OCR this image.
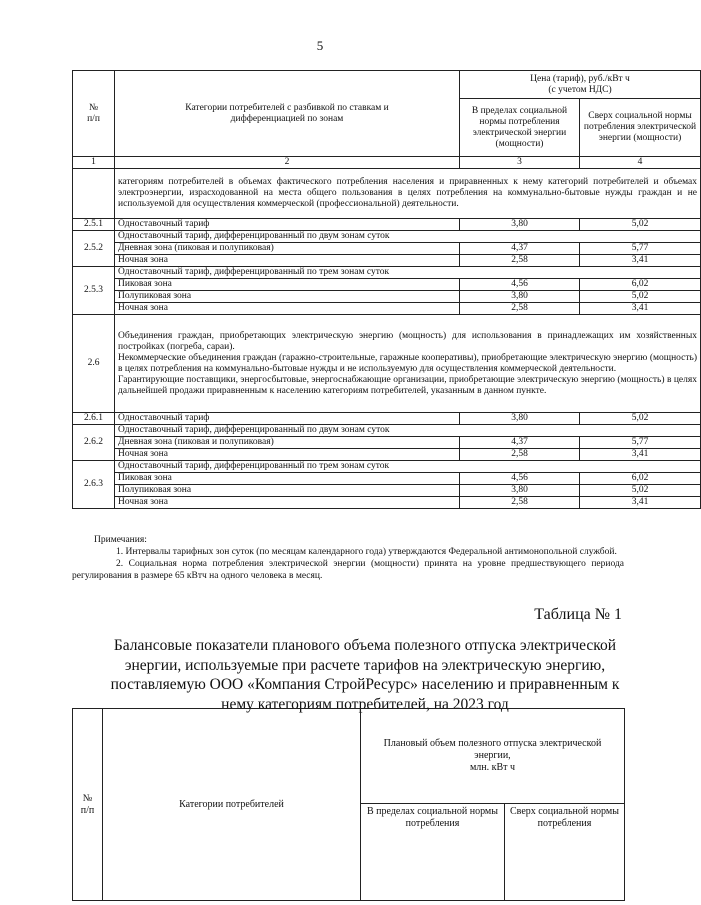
5
№
п/п	Категории потребителей с разбивкой по ставкам и дифференциацией по зонам	Цена (тариф), руб./кВт ч
(с учетом НДС)	
		В пределах социальной нормы потребления электрической энергии (мощности)	Сверх социальной нормы потребления электрической энергии (мощности)
1	2	3	4
	категориям потребителей в объемах фактического потребления населения и приравненных к нему категорий потребителей и объемах электроэнергии, израсходованной на места общего пользования в целях потребления на коммунально-бытовые нужды граждан и не используемой для осуществления коммерческой (профессиональной) деятельности.		
2.5.1	Одноставочный тариф	3,80	5,02
2.5.2	Одноставочный тариф, дифференцированный по двум зонам суток		
	Дневная зона (пиковая и полупиковая)	4,37	5,77
	Ночная зона	2,58	3,41
2.5.3	Одноставочный тариф, дифференцированный по трем зонам суток		
	Пиковая зона	4,56	6,02
	Полупиковая зона	3,80	5,02
	Ночная зона	2,58	3,41
2.6	Объединения граждан, приобретающих электрическую энергию (мощность) для использования в принадлежащих им хозяйственных постройках (погреба, сараи).
Некоммерческие объединения граждан (гаражно-строительные, гаражные кооперативы), приобретающие электрическую энергию (мощность) в целях потребления на коммунально-бытовые нужды и не используемую для осуществления коммерческой деятельности.
Гарантирующие поставщики, энергосбытовые, энергоснабжающие организации, приобретающие электрическую энергию (мощность) в целях дальнейшей продажи приравненным к населению категориям потребителей, указанным в данном пункте.		

2.6.1	Одноставочный тариф	3,80	5,02
2.6.2	Одноставочный тариф, дифференцированный по двум зонам суток		
	Дневная зона (пиковая и полупиковая)	4,37	5,77
	Ночная зона	2,58	3,41
2.6.3	Одноставочный тариф, дифференцированный по трем зонам суток		
	Пиковая зона	4,56	6,02
	Полупиковая зона	3,80	5,02
	Ночная зона	2,58	3,41

Примечания:

1. Интервалы тарифных зон суток (по месяцам календарного года) утверждаются Федеральной антимонопольной службой.

2. Социальная норма потребления электрической энергии (мощности) принята на уровне предшествующего периода регулирования в размере 65 кВтч на одного человека в месяц.

Таблица № 1
Балансовые показатели планового объема полезного отпуска электрической энергии, используемые при расчете тарифов на электрическую энергию, поставляемую ООО «Компания СтройРесурс» населению и приравненным к нему категориям потребителей, на 2023 год
№
п/п	Категории потребителей	Плановый объем полезного отпуска электрической энергии,
млн. кВт ч	
		В пределах социальной нормы потребления	Сверх социальной нормы потребления
